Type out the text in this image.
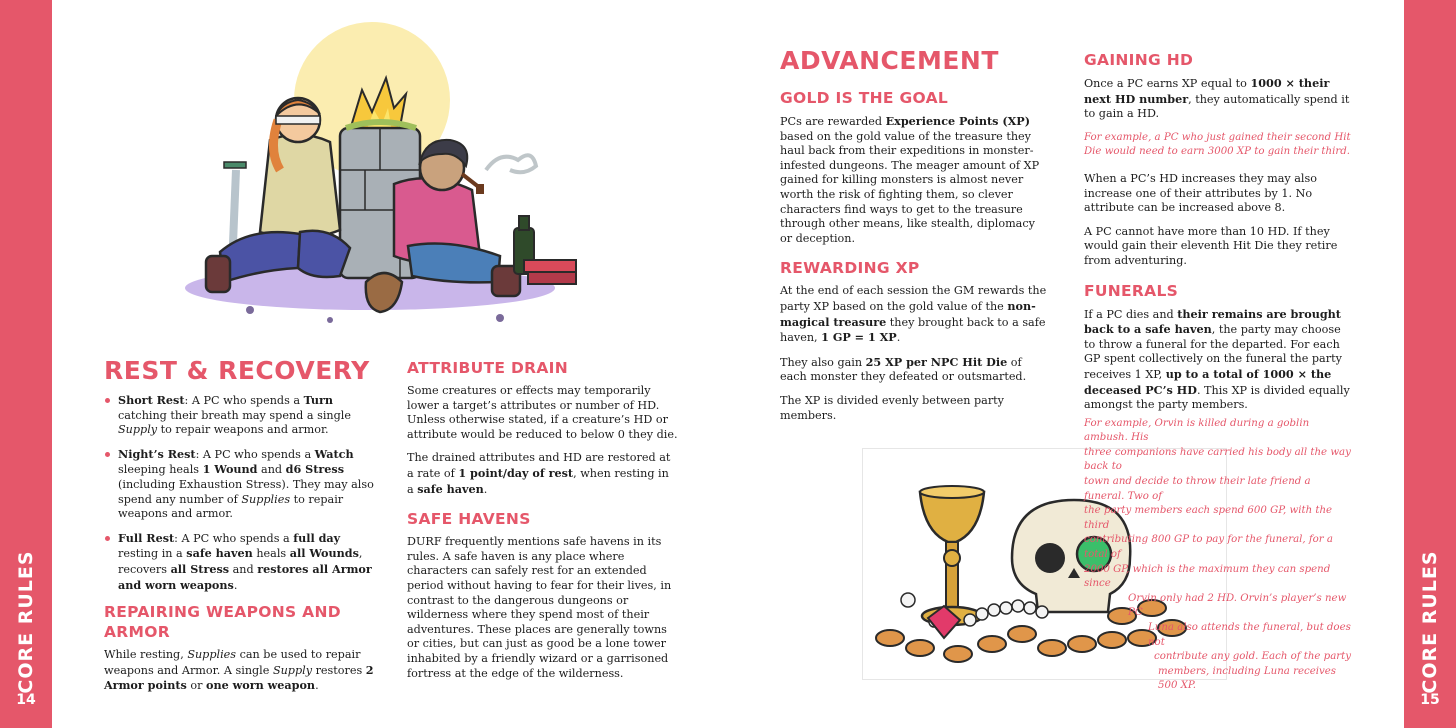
CORE RULES
14
CORE RULES
15
REST & RECOVERY
Short Rest: A PC who spends a Turn catching their breath may spend a single Supply to repair weapons and armor.
Night’s Rest: A PC who spends a Watch sleeping heals 1 Wound and d6 Stress (including Exhaustion Stress). They may also spend any number of Supplies to repair weapons and armor.
Full Rest: A PC who spends a full day resting in a safe haven heals all Wounds, recovers all Stress and restores all Armor and worn weapons.
REPAIRING WEAPONS AND ARMOR

While resting, Supplies can be used to repair weapons and Armor. A single Supply restores 2 Armor points or one worn weapon.

ATTRIBUTE DRAIN

Some creatures or effects may temporarily lower a target’s attributes or number of HD. Unless otherwise stated, if a creature’s HD or attribute would be reduced to below 0 they die.

The drained attributes and HD are restored at a rate of 1 point/day of rest, when resting in a safe haven.

SAFE HAVENS

DURF frequently mentions safe havens in its rules. A safe haven is any place where characters can safely rest for an extended period without having to fear for their lives, in contrast to the dangerous dungeons or wilderness where they spend most of their adventures. These places are generally towns or cities, but can just as good be a lone tower inhabited by a friendly wizard or a garrisoned fortress at the edge of the wilderness.

ADVANCEMENT
GOLD IS THE GOAL

PCs are rewarded Experience Points (XP) based on the gold value of the treasure they haul back from their expeditions in monster-infested dungeons. The meager amount of XP gained for killing monsters is almost never worth the risk of fighting them, so clever characters find ways to get to the treasure through other means, like stealth, diplomacy or deception.

REWARDING XP

At the end of each session the GM rewards the party XP based on the gold value of the non-magical treasure they brought back to a safe haven, 1 GP = 1 XP.

They also gain 25 XP per NPC Hit Die of each monster they defeated or outsmarted.

The XP is divided evenly between party members.

GAINING HD

Once a PC earns XP equal to 1000 × their next HD number, they automatically spend it to gain a HD.

For example, a PC who just gained their second Hit Die would need to earn 3000 XP to gain their third.

When a PC’s HD increases they may also increase one of their attributes by 1. No attribute can be increased above 8.

A PC cannot have more than 10 HD. If they would gain their eleventh Hit Die they retire from adventuring.

FUNERALS

If a PC dies and their remains are brought back to a safe haven, the party may choose to throw a funeral for the departed. For each GP spent collectively on the funeral the party receives 1 XP, up to a total of 1000 × the deceased PC’s HD. This XP is divided equally amongst the party members.

For example, Orvin is killed during a goblin ambush. His
three companions have carried his body all the way back to
town and decide to throw their late friend a funeral. Two of
the party members each spend 600 GP, with the third
contributing 800 GP to pay for the funeral, for a total of
2000 GP, which is the maximum they can spend since
Orvin only had 2 HD. Orvin’s player’s new PC
Luna also attends the funeral, but does not
contribute any gold. Each of the party
members, including Luna receives 500 XP.
